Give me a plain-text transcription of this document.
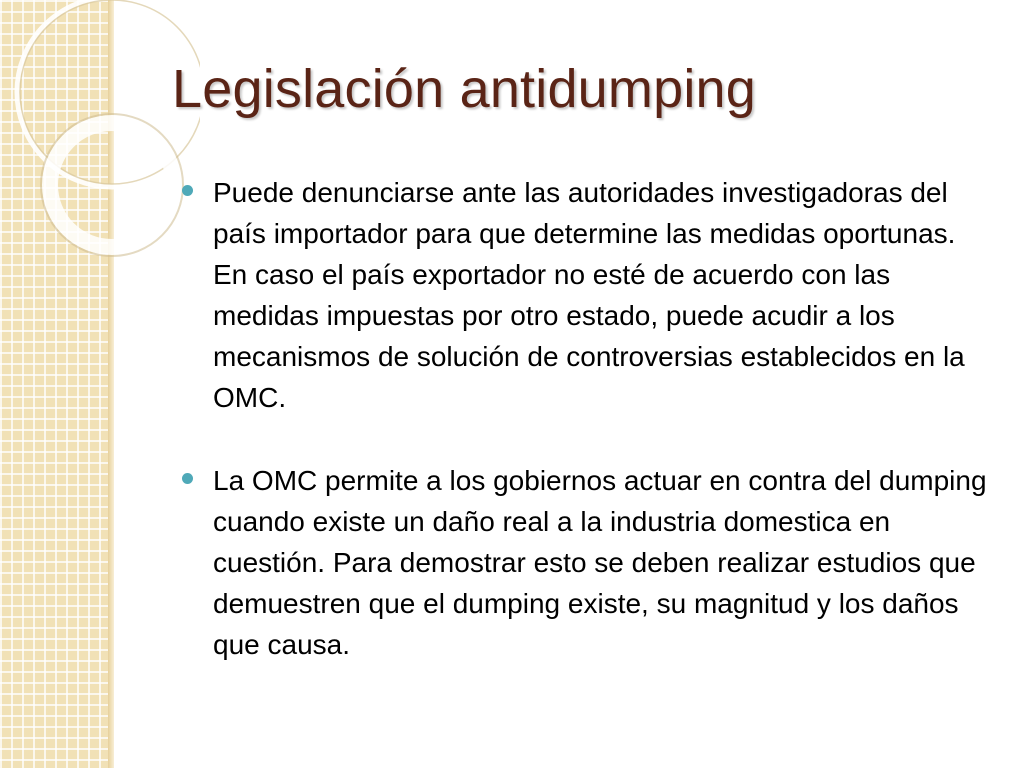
Legislación antidumping

Puede denunciarse ante las autoridades investigadoras del país importador para que determine las medidas oportunas.  En caso el país exportador no esté de acuerdo con las medidas impuestas por otro estado, puede acudir a los mecanismos de solución de controversias establecidos en la OMC.

La OMC permite a los gobiernos actuar en contra del dumping cuando existe un daño real a la industria domestica en cuestión. Para demostrar esto se deben realizar estudios que demuestren que el dumping existe, su magnitud y los daños que causa.
